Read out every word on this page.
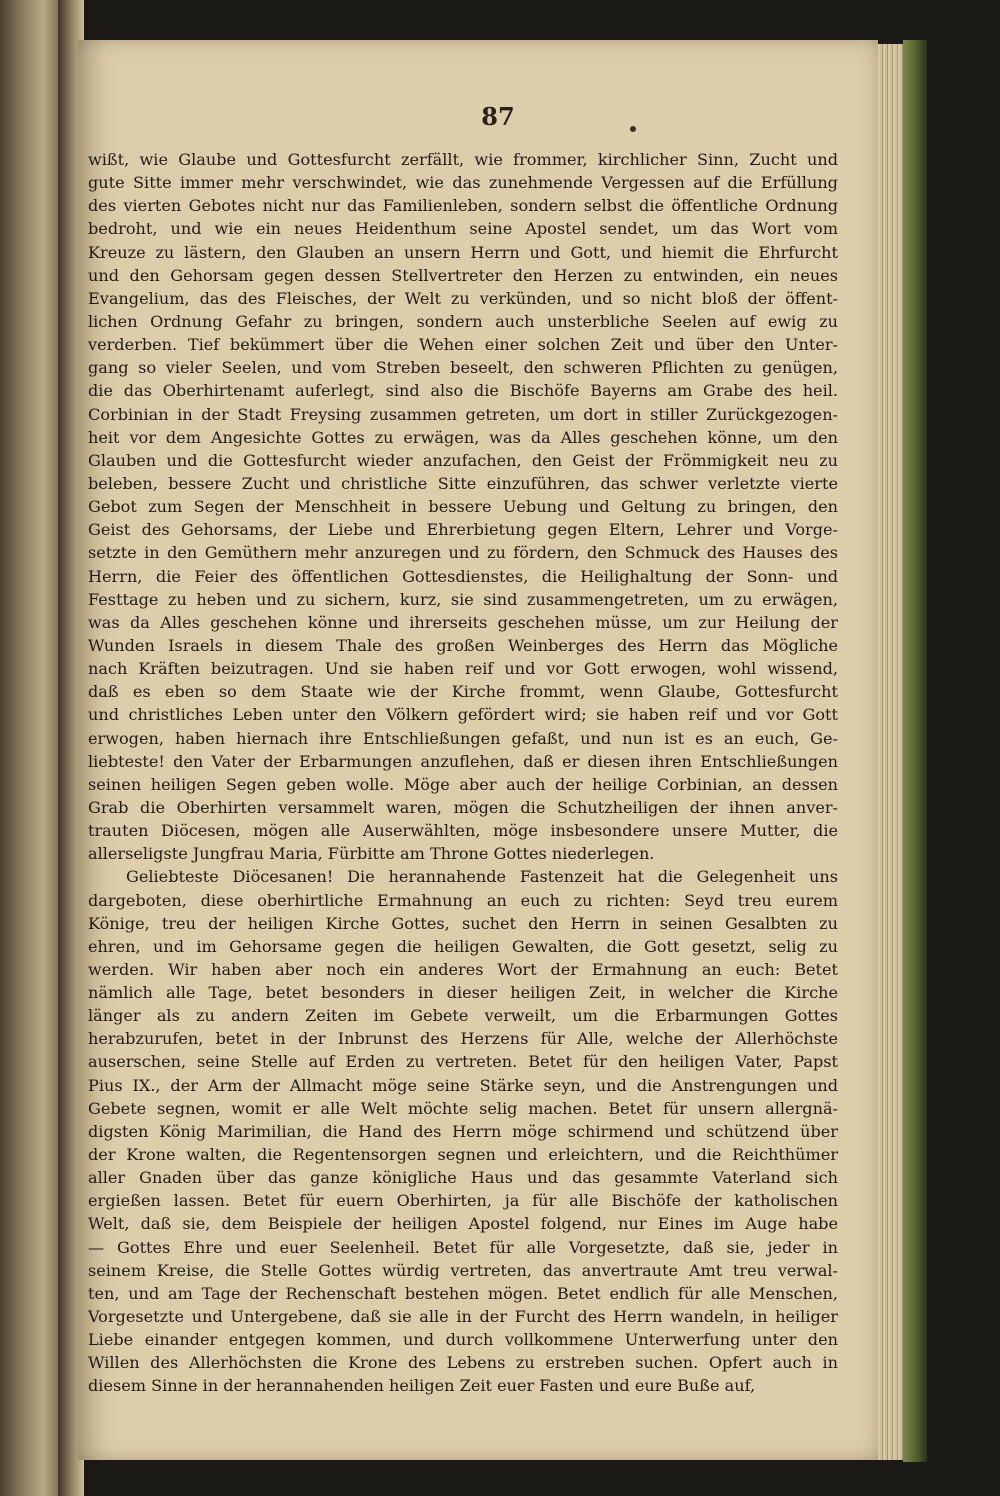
87
wißt, wie Glaube und Gottesfurcht zerfällt, wie frommer, kirchlicher Sinn, Zucht und
gute Sitte immer mehr verschwindet, wie das zunehmende Vergessen auf die Erfüllung
des vierten Gebotes nicht nur das Familienleben, sondern selbst die öffentliche Ordnung
bedroht, und wie ein neues Heidenthum seine Apostel sendet, um das Wort vom
Kreuze zu lästern, den Glauben an unsern Herrn und Gott, und hiemit die Ehrfurcht
und den Gehorsam gegen dessen Stellvertreter den Herzen zu entwinden, ein neues
Evangelium, das des Fleisches, der Welt zu verkünden, und so nicht bloß der öffent-
lichen Ordnung Gefahr zu bringen, sondern auch unsterbliche Seelen auf ewig zu
verderben. Tief bekümmert über die Wehen einer solchen Zeit und über den Unter-
gang so vieler Seelen, und vom Streben beseelt, den schweren Pflichten zu genügen,
die das Oberhirtenamt auferlegt, sind also die Bischöfe Bayerns am Grabe des heil.
Corbinian in der Stadt Freysing zusammen getreten, um dort in stiller Zurückgezogen-
heit vor dem Angesichte Gottes zu erwägen, was da Alles geschehen könne, um den
Glauben und die Gottesfurcht wieder anzufachen, den Geist der Frömmigkeit neu zu
beleben, bessere Zucht und christliche Sitte einzuführen, das schwer verletzte vierte
Gebot zum Segen der Menschheit in bessere Uebung und Geltung zu bringen, den
Geist des Gehorsams, der Liebe und Ehrerbietung gegen Eltern, Lehrer und Vorge-
setzte in den Gemüthern mehr anzuregen und zu fördern, den Schmuck des Hauses des
Herrn, die Feier des öffentlichen Gottesdienstes, die Heilighaltung der Sonn- und
Festtage zu heben und zu sichern, kurz, sie sind zusammengetreten, um zu erwägen,
was da Alles geschehen könne und ihrerseits geschehen müsse, um zur Heilung der
Wunden Israels in diesem Thale des großen Weinberges des Herrn das Mögliche
nach Kräften beizutragen. Und sie haben reif und vor Gott erwogen, wohl wissend,
daß es eben so dem Staate wie der Kirche frommt, wenn Glaube, Gottesfurcht
und christliches Leben unter den Völkern gefördert wird; sie haben reif und vor Gott
erwogen, haben hiernach ihre Entschließungen gefaßt, und nun ist es an euch, Ge-
liebteste! den Vater der Erbarmungen anzuflehen, daß er diesen ihren Entschließungen
seinen heiligen Segen geben wolle. Möge aber auch der heilige Corbinian, an dessen
Grab die Oberhirten versammelt waren, mögen die Schutzheiligen der ihnen anver-
trauten Diöcesen, mögen alle Auserwählten, möge insbesondere unsere Mutter, die
allerseligste Jungfrau Maria, Fürbitte am Throne Gottes niederlegen.
Geliebteste Diöcesanen! Die herannahende Fastenzeit hat die Gelegenheit uns
dargeboten, diese oberhirtliche Ermahnung an euch zu richten: Seyd treu eurem
Könige, treu der heiligen Kirche Gottes, suchet den Herrn in seinen Gesalbten zu
ehren, und im Gehorsame gegen die heiligen Gewalten, die Gott gesetzt, selig zu
werden. Wir haben aber noch ein anderes Wort der Ermahnung an euch: Betet
nämlich alle Tage, betet besonders in dieser heiligen Zeit, in welcher die Kirche
länger als zu andern Zeiten im Gebete verweilt, um die Erbarmungen Gottes
herabzurufen, betet in der Inbrunst des Herzens für Alle, welche der Allerhöchste
auserschen, seine Stelle auf Erden zu vertreten. Betet für den heiligen Vater, Papst
Pius IX., der Arm der Allmacht möge seine Stärke seyn, und die Anstrengungen und
Gebete segnen, womit er alle Welt möchte selig machen. Betet für unsern allergnä-
digsten König Marimilian, die Hand des Herrn möge schirmend und schützend über
der Krone walten, die Regentensorgen segnen und erleichtern, und die Reichthümer
aller Gnaden über das ganze königliche Haus und das gesammte Vaterland sich
ergießen lassen. Betet für euern Oberhirten, ja für alle Bischöfe der katholischen
Welt, daß sie, dem Beispiele der heiligen Apostel folgend, nur Eines im Auge habe
— Gottes Ehre und euer Seelenheil. Betet für alle Vorgesetzte, daß sie, jeder in
seinem Kreise, die Stelle Gottes würdig vertreten, das anvertraute Amt treu verwal-
ten, und am Tage der Rechenschaft bestehen mögen. Betet endlich für alle Menschen,
Vorgesetzte und Untergebene, daß sie alle in der Furcht des Herrn wandeln, in heiliger
Liebe einander entgegen kommen, und durch vollkommene Unterwerfung unter den
Willen des Allerhöchsten die Krone des Lebens zu erstreben suchen. Opfert auch in
diesem Sinne in der herannahenden heiligen Zeit euer Fasten und eure Buße auf,
